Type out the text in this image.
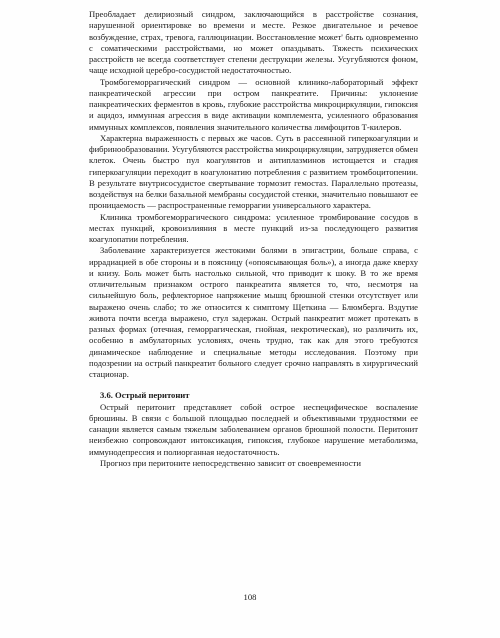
Преобладает делириозный синдром, заключающийся в расстройстве сознания, нарушенной ориентировке во времени и месте. Резкое двигательное и речевое возбуждение, страх, тревога, галлюцинации. Восстановление может' быть одновременно с соматическими расстройствами, но может опаздывать. Тяжесть психических расстройств не всегда соответствует степени деструкции железы. Усугубляются фоном, чаще исходной церебро-сосудистой недостаточностью.

Тромбогеморрагический синдром — основной клинико-лабораторный эффект панкреатической агрессии при остром панкреатите. Причины: уклонение панкреатических ферментов в кровь, глубокие расстройства микроциркуляции, гипоксия и ацидоз, иммунная агрессия в виде активации комплемента, усиленного образования иммунных комплексов, появления значительного количества лимфоцитов Т-килеров.

Характерна выраженность с первых же часов. Суть в рассеянной гиперкоагуляции и фибринообразовании. Усугубляются расстройства микроциркуляции, затрудняется обмен клеток. Очень быстро пул коагулянтов и антиплазминов истощается и стадия гиперкоагуляции переходит в коагулонатию потребления с развитием тромбоцитопении. В результате внутрисосудистое свертывание тормозит гемостаз. Параллельно протеазы, воздействуя на белки базальной мембраны сосудистой стенки, значительно повышают ее проницаемость — распространенные геморрагии универсального характера.

Клиника тромбогеморрагического синдрома: усиленное тромбирование сосудов в местах пункций, кровоизлияния в месте пункций из-за последующего развития коагулопатии потребления.

Заболевание характеризуется жестокими болями в эпигастрии, больше справа, с иррадиацией в обе стороны и в поясницу («опоясывающая боль»), а иногда даже кверху и книзу. Боль может быть настолько сильной, что приводит к шоку. В то же время отличительным признаком острого панкреатита является то, что, несмотря на сильнейшую боль, рефлекторное напряжение мышц брюшной стенки отсутствует или выражено очень слабо; то же относится к симптому Щеткина — Блюмберга. Вздутие живота почти всегда выражено, стул задержан. Острый панкреатит может протекать в разных формах (отечная, геморрагическая, гнойная, некротическая), но различить их, особенно в амбулаторных условиях, очень трудно, так как для этого требуются динамическое наблюдение и специальные методы исследования. Поэтому при подозрении на острый панкреатит больного следует срочно направлять в хирургический стационар.

3.6. Острый перитонит

Острый перитонит представляет собой острое неспецифическое воспаление брюшины. В связи с большой площадью последней и объективными трудностями ее санации является самым тяжелым заболеванием органов брюшной полости. Перитонит неизбежно сопровождают интоксикация, гипоксия, глубокое нарушение метаболизма, иммунодепрессия и полиорганная недостаточность.

Прогноз при перитоните непосредственно зависит от своевременности

108
